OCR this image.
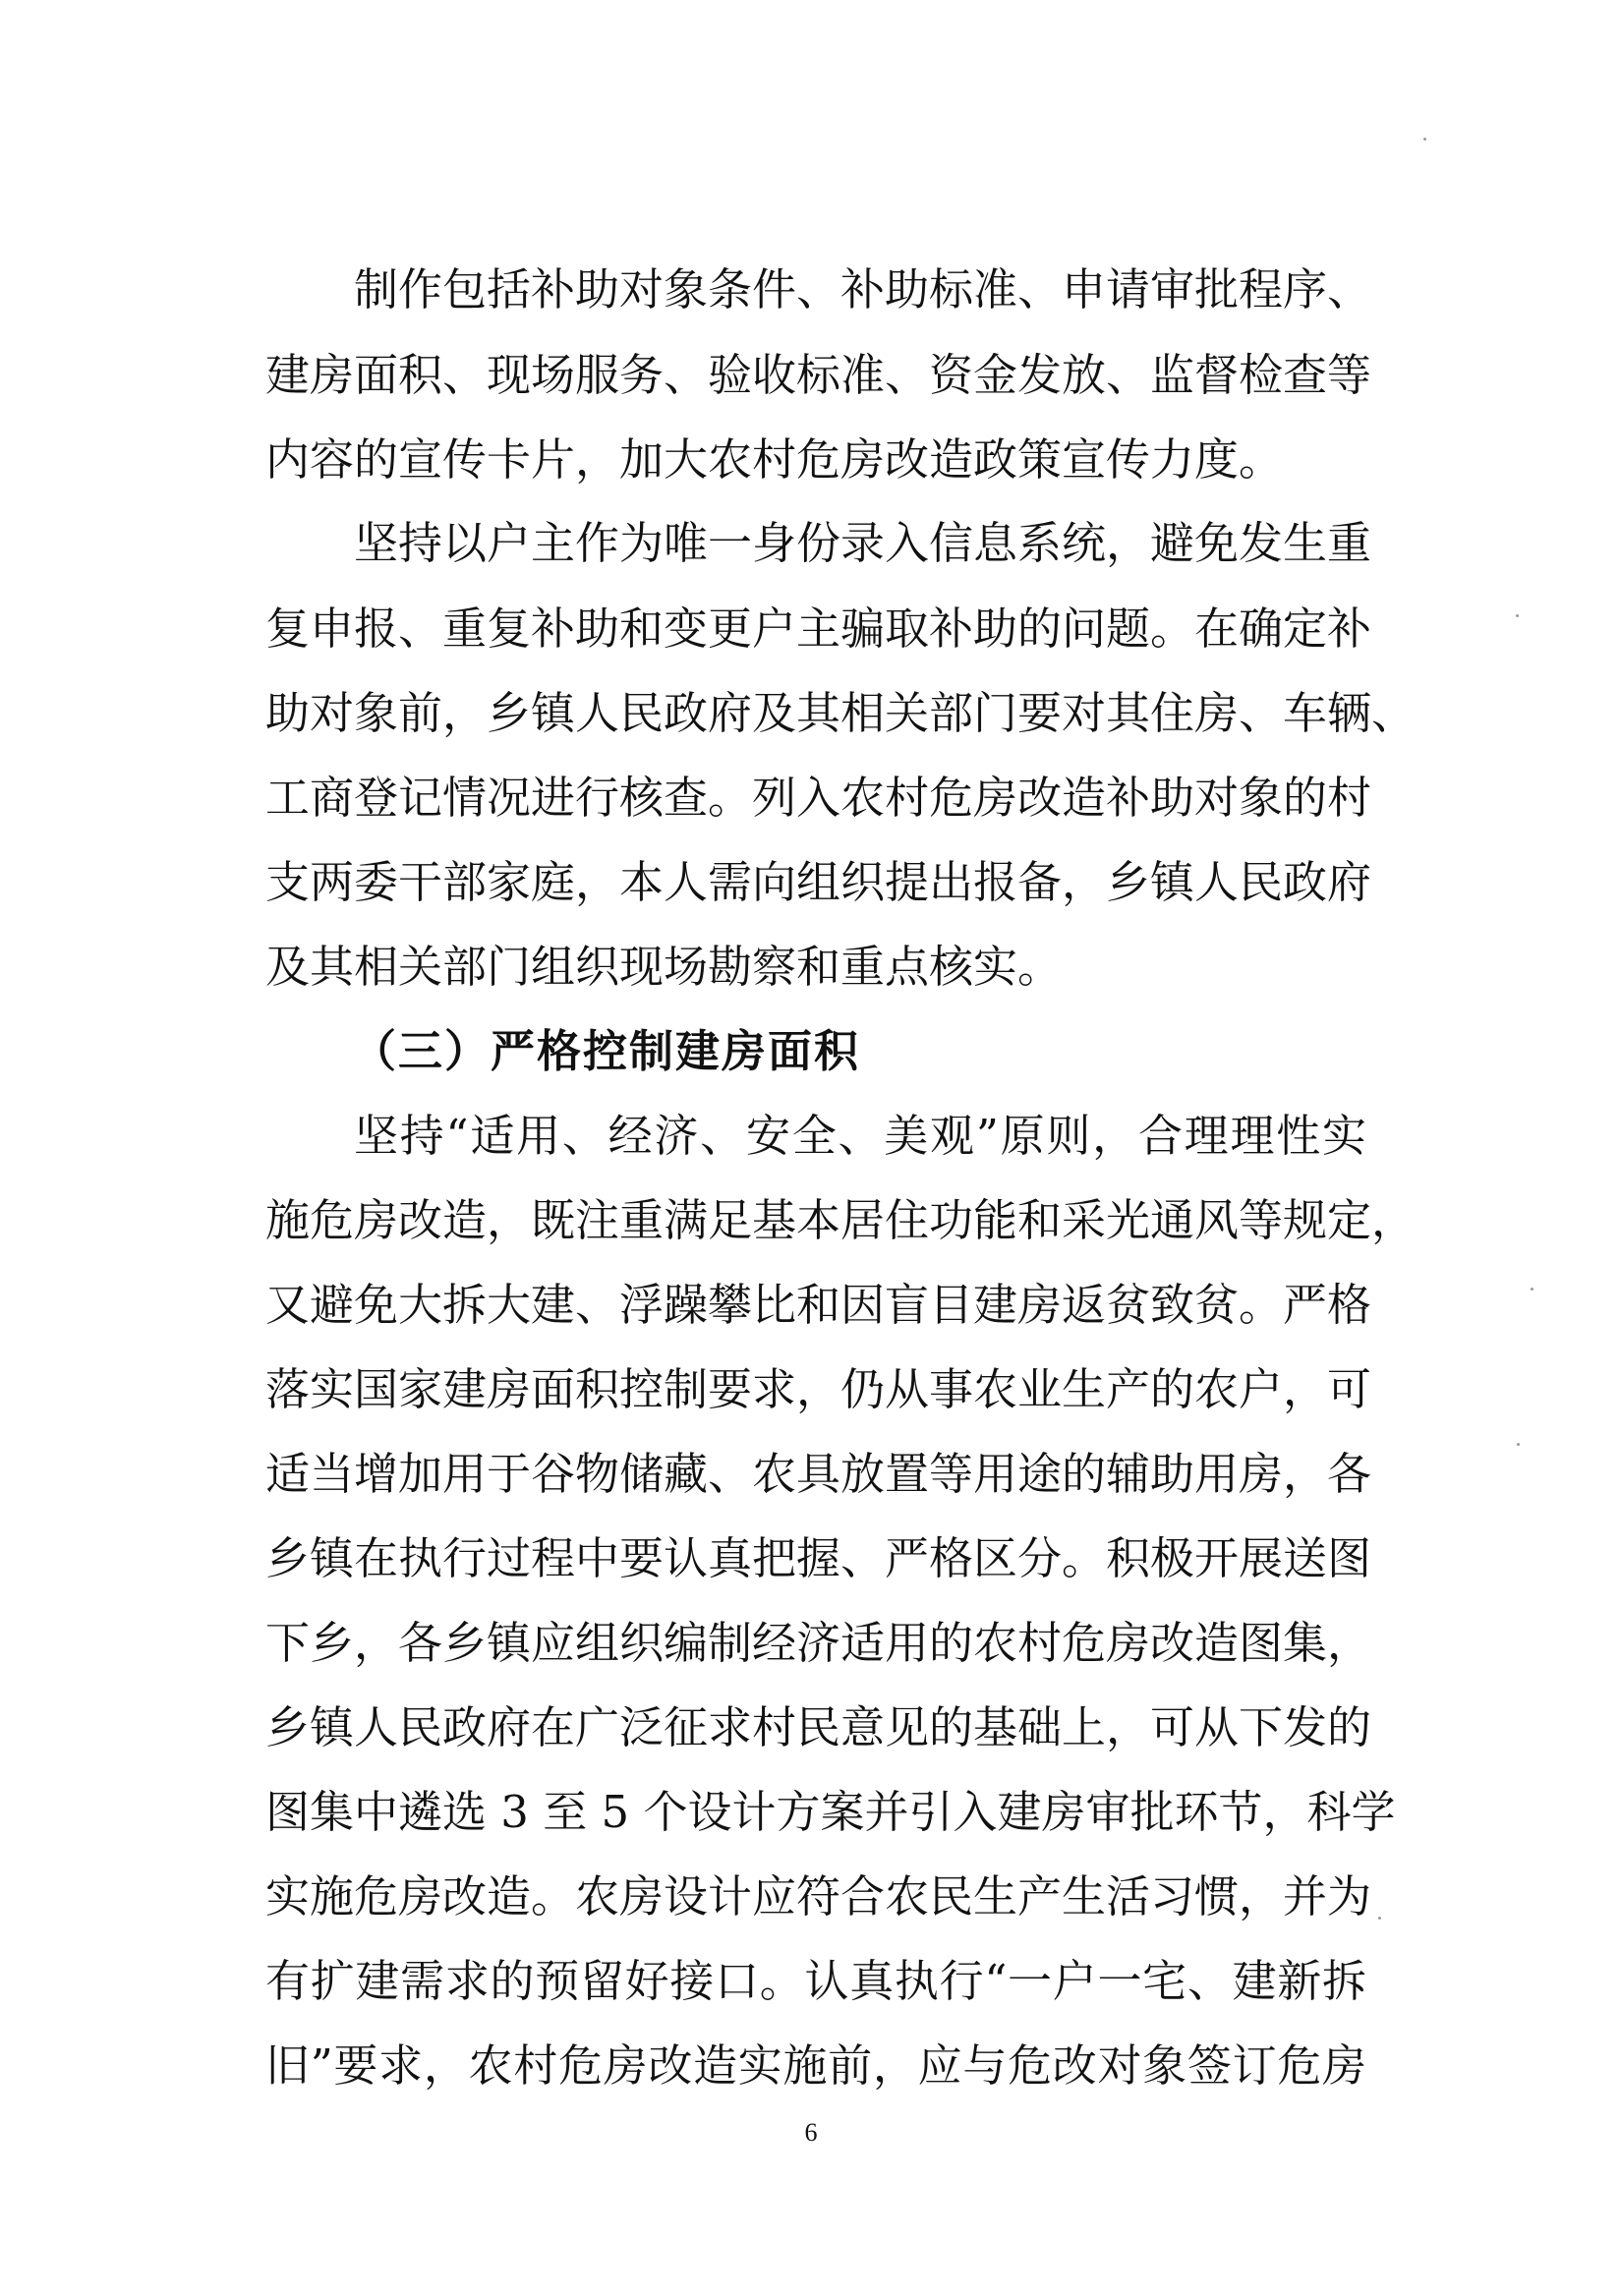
制作包括补助对象条件、补助标准、申请审批程序、
建房面积、现场服务、验收标准、资金发放、监督检查等
内容的宣传卡片，加大农村危房改造政策宣传力度。
坚持以户主作为唯一身份录入信息系统，避免发生重
复申报、重复补助和变更户主骗取补助的问题。在确定补
助对象前，乡镇人民政府及其相关部门要对其住房、车辆、
工商登记情况进行核查。列入农村危房改造补助对象的村
支两委干部家庭，本人需向组织提出报备，乡镇人民政府
及其相关部门组织现场勘察和重点核实。
（三）严格控制建房面积
坚持“适用、经济、安全、美观”原则，合理理性实
施危房改造，既注重满足基本居住功能和采光通风等规定，
又避免大拆大建、浮躁攀比和因盲目建房返贫致贫。严格
落实国家建房面积控制要求，仍从事农业生产的农户，可
适当增加用于谷物储藏、农具放置等用途的辅助用房，各
乡镇在执行过程中要认真把握、严格区分。积极开展送图
下乡，各乡镇应组织编制经济适用的农村危房改造图集，
乡镇人民政府在广泛征求村民意见的基础上，可从下发的
图集中遴选 3 至 5 个设计方案并引入建房审批环节，科学
实施危房改造。农房设计应符合农民生产生活习惯，并为
有扩建需求的预留好接口。认真执行“一户一宅、建新拆
旧”要求，农村危房改造实施前，应与危改对象签订危房
6
